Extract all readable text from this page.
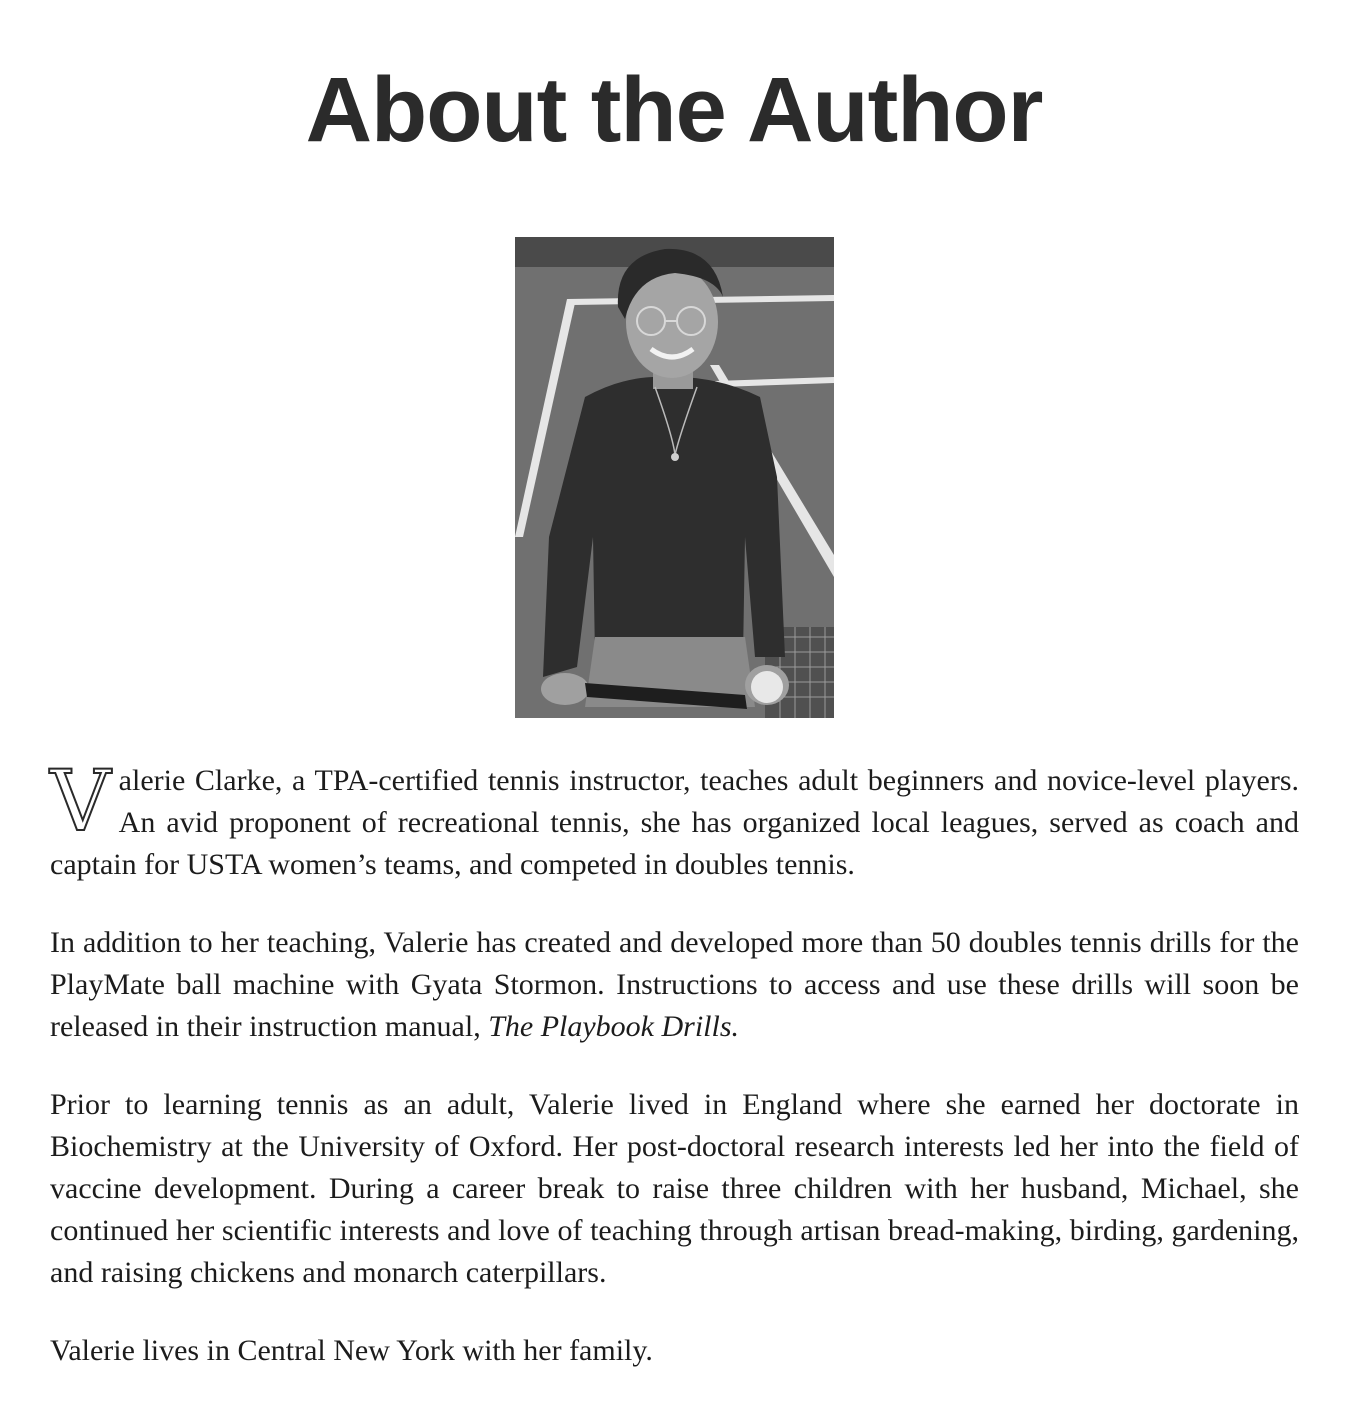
About the Author

Valerie Clarke, a TPA-certified tennis instructor, teaches adult beginners and novice-level players. An avid proponent of recreational tennis, she has organized local leagues, served as coach and captain for USTA women’s teams, and competed in doubles tennis.

In addition to her teaching, Valerie has created and developed more than 50 doubles tennis drills for the PlayMate ball machine with Gyata Stormon. Instructions to access and use these drills will soon be released in their instruction manual, The Playbook Drills.

Prior to learning tennis as an adult, Valerie lived in England where she earned her doctorate in Biochemistry at the University of Oxford. Her post-doctoral research interests led her into the field of vaccine development. During a career break to raise three children with her husband, Michael, she continued her scientific interests and love of teaching through artisan bread-making, birding, gardening, and raising chickens and monarch caterpillars.

Valerie lives in Central New York with her family.
